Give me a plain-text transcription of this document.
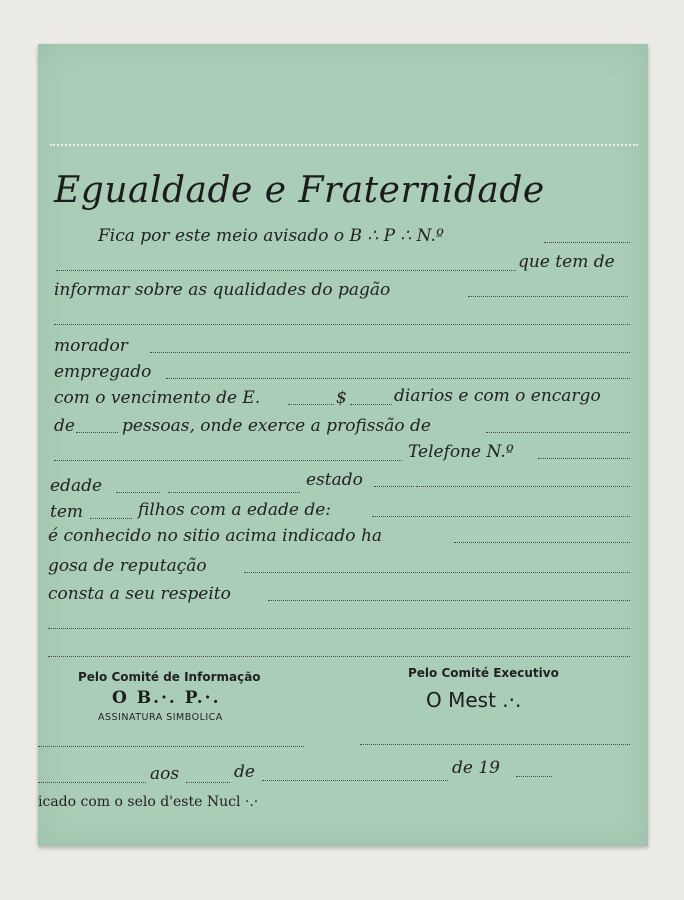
Egualdade e Fraternidade
Fica por este meio avisado o B ∴ P ∴ N.º
que tem de
informar sobre as qualidades do pagão
morador
empregado
com o vencimento de E.	$	diarios e com o encargo
de	pessoas, onde exerce a profissão de
Telefone N.º
edade	estado
tem	filhos com a edade de:
é conhecido no sitio acima indicado ha
gosa de reputação
consta a seu respeito
Pelo Comité de Informação
O B.·. P.·.
ASSINATURA SIMBOLICA
Pelo Comité Executivo
O Mest .·.
aos	de	de 19
icado com o selo d'este Nucl ·.·
